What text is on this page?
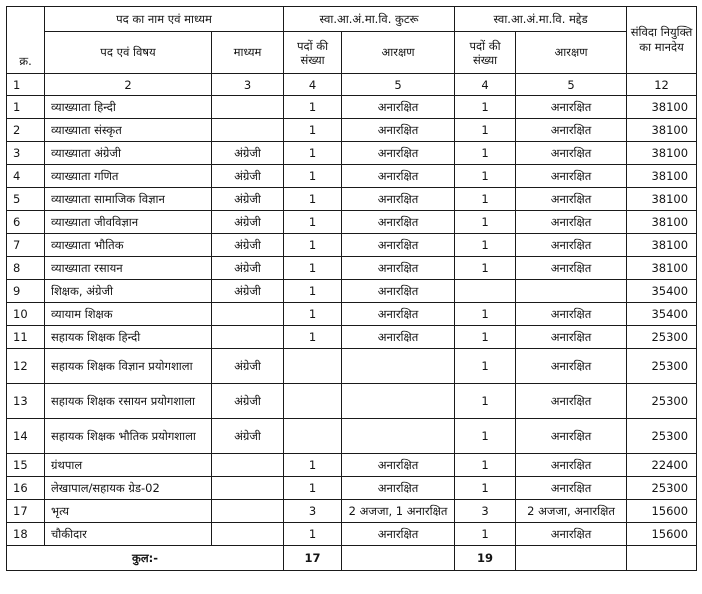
क्र.	पद का नाम एवं माध्यम		स्वा.आ.अं.मा.वि. कुटरू		स्वा.आ.अं.मा.वि. मद्देड		संविदा नियुक्ति का मानदेय
	पद एवं विषय	माध्यम	पदों की संख्या	आरक्षण	पदों की संख्या	आरक्षण	
1	2	3	4	5	4	5	12
1	व्याख्याता हिन्दी		1	अनारक्षित	1	अनारक्षित	38100
2	व्याख्याता संस्कृत		1	अनारक्षित	1	अनारक्षित	38100
3	व्याख्याता अंग्रेजी	अंग्रेजी	1	अनारक्षित	1	अनारक्षित	38100
4	व्याख्याता गणित	अंग्रेजी	1	अनारक्षित	1	अनारक्षित	38100
5	व्याख्याता सामाजिक विज्ञान	अंग्रेजी	1	अनारक्षित	1	अनारक्षित	38100
6	व्याख्याता जीवविज्ञान	अंग्रेजी	1	अनारक्षित	1	अनारक्षित	38100
7	व्याख्याता भौतिक	अंग्रेजी	1	अनारक्षित	1	अनारक्षित	38100
8	व्याख्याता रसायन	अंग्रेजी	1	अनारक्षित	1	अनारक्षित	38100
9	शिक्षक, अंग्रेजी	अंग्रेजी	1	अनारक्षित			35400
10	व्यायाम शिक्षक		1	अनारक्षित	1	अनारक्षित	35400
11	सहायक शिक्षक हिन्दी		1	अनारक्षित	1	अनारक्षित	25300
12	सहायक शिक्षक विज्ञान प्रयोगशाला	अंग्रेजी			1	अनारक्षित	25300
13	सहायक शिक्षक रसायन प्रयोगशाला	अंग्रेजी			1	अनारक्षित	25300
14	सहायक शिक्षक भौतिक प्रयोगशाला	अंग्रेजी			1	अनारक्षित	25300
15	ग्रंथपाल		1	अनारक्षित	1	अनारक्षित	22400
16	लेखापाल/सहायक ग्रेड-02		1	अनारक्षित	1	अनारक्षित	25300
17	भृत्य		3	2 अजजा, 1 अनारक्षित	3	2 अजजा, अनारक्षित	15600
18	चौकीदार		1	अनारक्षित	1	अनारक्षित	15600
कुल:-			17		19		
